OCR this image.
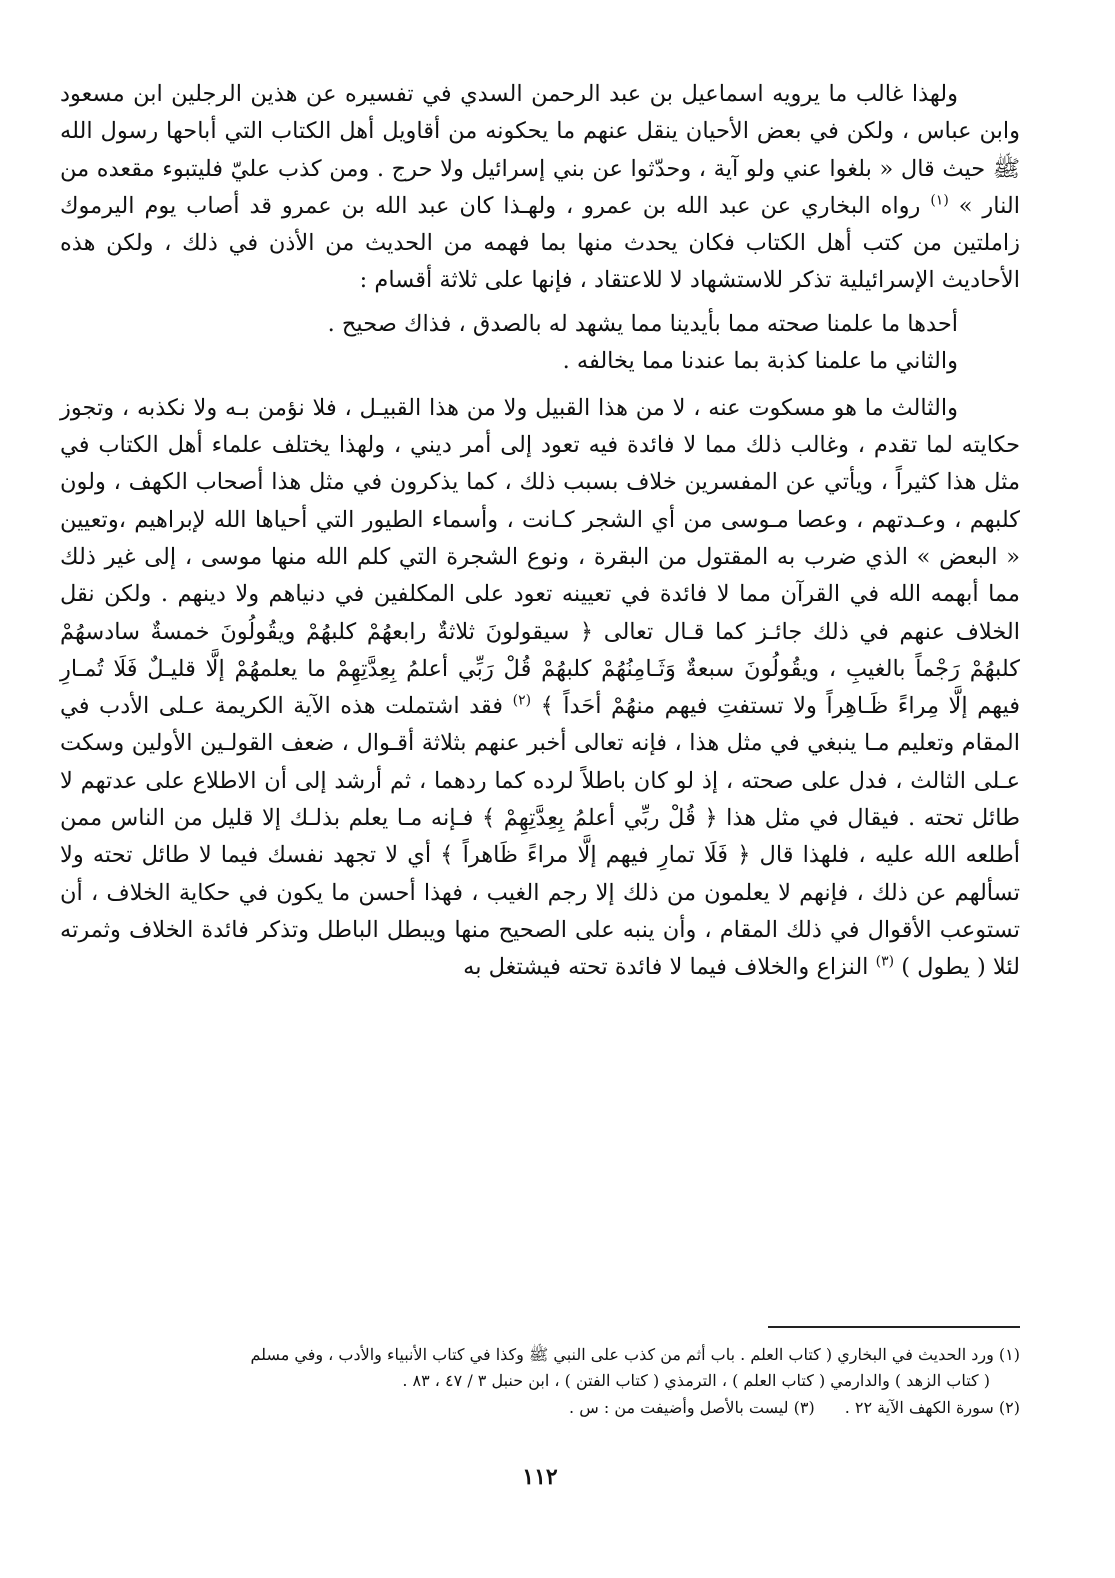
ولهذا غالب ما يرويه اسماعيل بن عبد الرحمن السدي في تفسيره عن هذين الرجلين ابن مسعود وابن عباس ، ولكن في بعض الأحيان ينقل عنهم ما يحكونه من أقاويل أهل الكتاب التي أباحها رسول الله ﷺ حيث قال « بلغوا عني ولو آية ، وحدّثوا عن بني إسرائيل ولا حرج . ومن كذب عليّ فليتبوء مقعده من النار » $^{(١)}$ رواه البخاري عن عبد الله بن عمرو ، ولهـذا كان عبد الله بن عمرو قد أصاب يوم اليرموك زاملتين من كتب أهل الكتاب فكان يحدث منها بما فهمه من الحديث من الأذن في ذلك ، ولكن هذه الأحاديث الإسرائيلية تذكر للاستشهاد لا للاعتقاد ، فإنها على ثلاثة أقسام :

أحدها ما علمنا صحته مما بأيدينا مما يشهد له بالصدق ، فذاك صحيح .

والثاني ما علمنا كذبة بما عندنا مما يخالفه .

والثالث ما هو مسكوت عنه ، لا من هذا القبيل ولا من هذا القبيـل ، فلا نؤمن بـه ولا نكذبه ، وتجوز حكايته لما تقدم ، وغالب ذلك مما لا فائدة فيه تعود إلى أمر ديني ، ولهذا يختلف علماء أهل الكتاب في مثل هذا كثيراً ، ويأتي عن المفسرين خلاف بسبب ذلك ، كما يذكرون في مثل هذا أصحاب الكهف ، ولون كلبهم ، وعـدتهم ، وعصا مـوسى من أي الشجر كـانت ، وأسماء الطيور التي أحياها الله لإبراهيم ،وتعيين « البعض » الذي ضرب به المقتول من البقرة ، ونوع الشجرة التي كلم الله منها موسى ، إلى غير ذلك مما أبهمه الله في القرآن مما لا فائدة في تعيينه تعود على المكلفين في دنياهم ولا دينهم . ولكن نقل الخلاف عنهم في ذلك جائـز كما قـال تعالى ﴿ سيقولونَ ثلاثةٌ رابعهُمْ كلبهُمْ ويقُولُونَ خمسةٌ سادسهُمْ كلبهُمْ رَجْماً بالغيبِ ، ويقُولُونَ سبعةٌ وَثَـامِنُهُمْ كلبهُمْ قُلْ رَبِّي أعلمُ بِعِدَّتِهِمْ ما يعلمهُمْ إلَّا قليـلٌ فَلَا تُمـارِ فيهم إلَّا مِراءً ظَـاهِراً ولا تستفتِ فيهم منهُمْ أحَداً ﴾ $^{(٢)}$ فقد اشتملت هذه الآية الكريمة عـلى الأدب في المقام وتعليم مـا ينبغي في مثل هذا ، فإنه تعالى أخبر عنهم بثلاثة أقـوال ، ضعف القولـين الأولين وسكت عـلى الثالث ، فدل على صحته ، إذ لو كان باطلاً لرده كما ردهما ، ثم أرشد إلى أن الاطلاع على عدتهم لا طائل تحته . فيقال في مثل هذا ﴿ قُلْ ربِّي أعلمُ بِعِدَّتِهِمْ ﴾ فـإنه مـا يعلم بذلـك إلا قليل من الناس ممن أطلعه الله عليه ، فلهذا قال ﴿ فَلَا تمارِ فيهم إلَّا مراءً ظَاهراً ﴾ أي لا تجهد نفسك فيما لا طائل تحته ولا تسألهم عن ذلك ، فإنهم لا يعلمون من ذلك إلا رجم الغيب ، فهذا أحسن ما يكون في حكاية الخلاف ، أن تستوعب الأقوال في ذلك المقام ، وأن ينبه على الصحيح منها ويبطل الباطل وتذكر فائدة الخلاف وثمرته لئلا ( يطول ) $^{(٣)}$ النزاع والخلاف فيما لا فائدة تحته فيشتغل به

(١) ورد الحديث في البخاري ( كتاب العلم . باب أثم من كذب على النبي ﷺ وكذا في كتاب الأنبياء والأدب ، وفي مسلم

( كتاب الزهد ) والدارمي ( كتاب العلم ) ، الترمذي ( كتاب الفتن ) ، ابن حنبل ٣ / ٤٧ ، ٨٣ .

(٢) سورة الكهف الآية ٢٢ .
(٣) ليست بالأصل وأضيفت من : س .
١١٢
